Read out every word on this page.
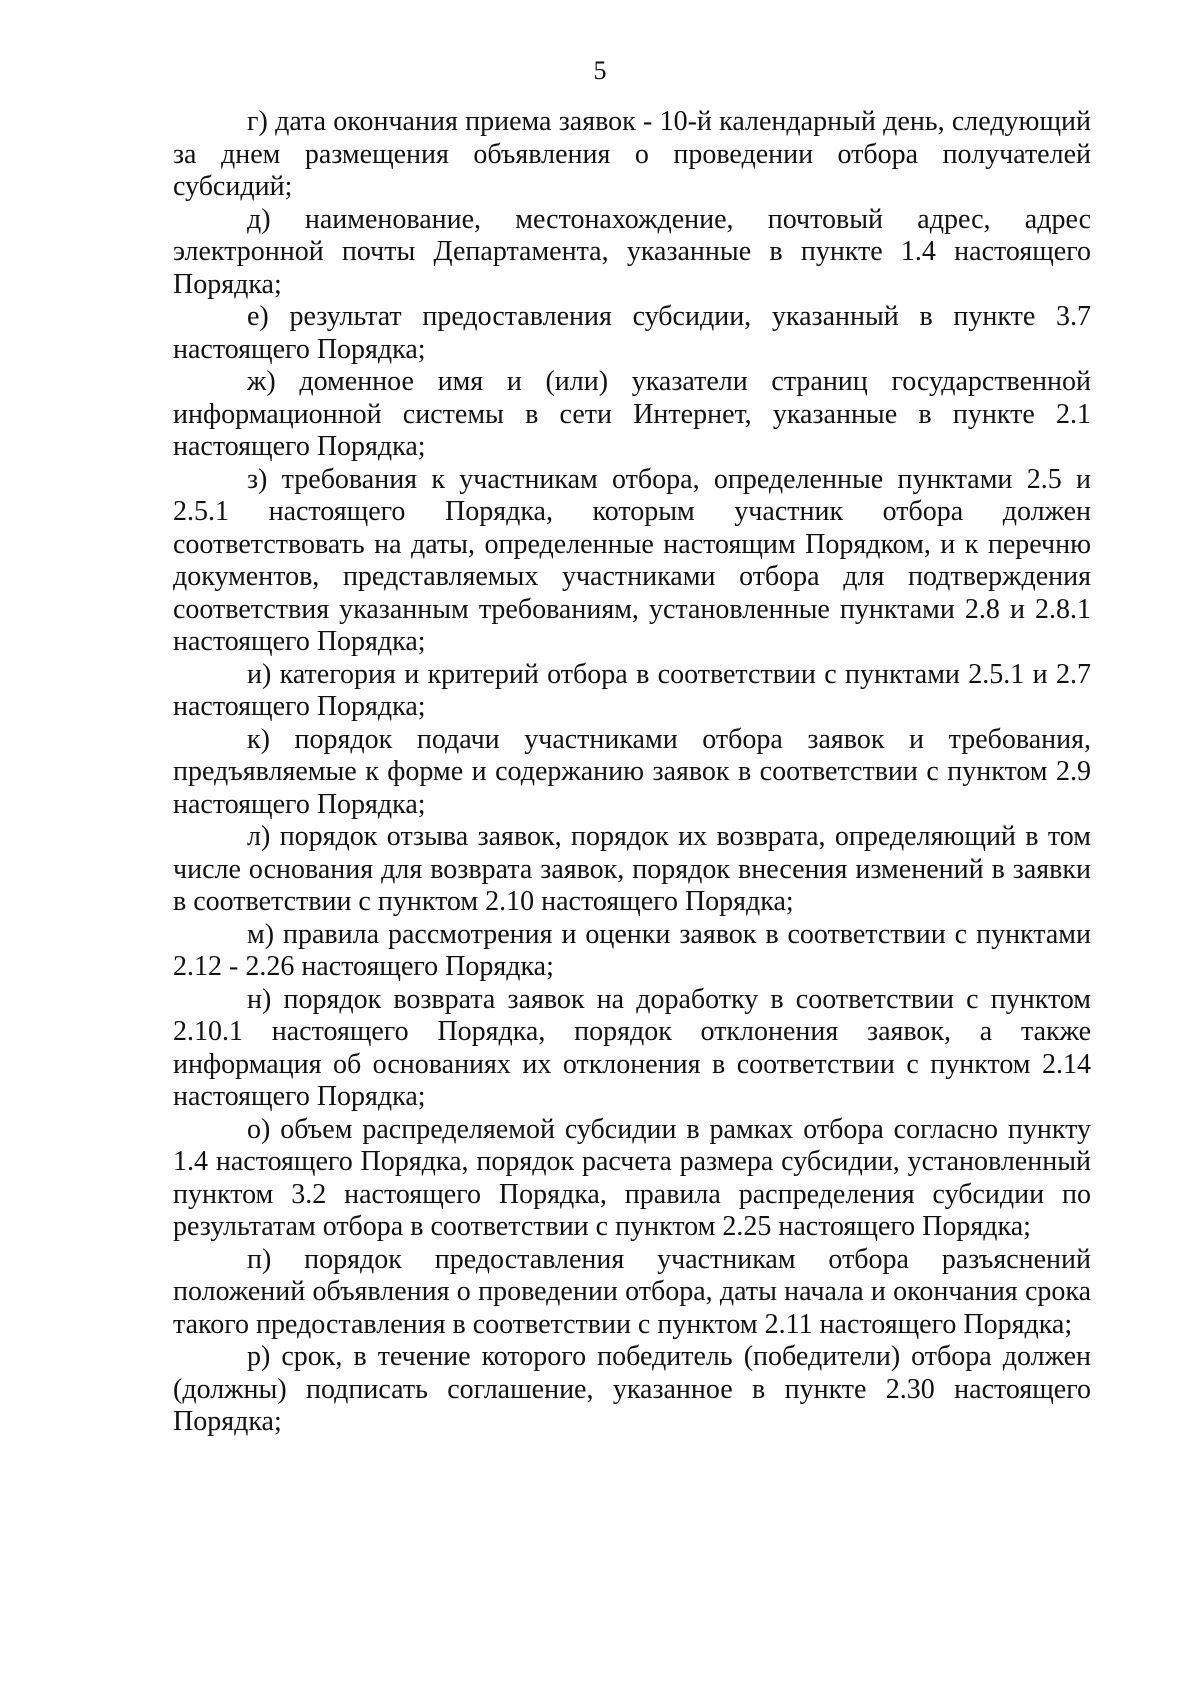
5

г) дата окончания приема заявок - 10-й календарный день, следующий за днем размещения объявления о проведении отбора получателей субсидий;

д) наименование, местонахождение, почтовый адрес, адрес электронной почты Департамента, указанные в пункте 1.4 настоящего Порядка;

е) результат предоставления субсидии, указанный в пункте 3.7 настоящего Порядка;

ж) доменное имя и (или) указатели страниц государственной информационной системы в сети Интернет, указанные в пункте 2.1 настоящего Порядка;

з) требования к участникам отбора, определенные пунктами 2.5 и 2.5.1 настоящего Порядка, которым участник отбора должен соответствовать на даты, определенные настоящим Порядком, и к перечню документов, представляемых участниками отбора для подтверждения соответствия указанным требованиям, установленные пунктами 2.8 и 2.8.1 настоящего Порядка;

и) категория и критерий отбора в соответствии с пунктами 2.5.1 и 2.7 настоящего Порядка;

к) порядок подачи участниками отбора заявок и требования, предъявляемые к форме и содержанию заявок в соответствии с пунктом 2.9 настоящего Порядка;

л) порядок отзыва заявок, порядок их возврата, определяющий в том числе основания для возврата заявок, порядок внесения изменений в заявки в соответствии с пунктом 2.10 настоящего Порядка;

м) правила рассмотрения и оценки заявок в соответствии с пунктами 2.12 - 2.26 настоящего Порядка;

н) порядок возврата заявок на доработку в соответствии с пунктом 2.10.1 настоящего Порядка, порядок отклонения заявок, а также информация об основаниях их отклонения в соответствии с пунктом 2.14 настоящего Порядка;

о) объем распределяемой субсидии в рамках отбора согласно пункту 1.4 настоящего Порядка, порядок расчета размера субсидии, установленный пунктом 3.2 настоящего Порядка, правила распределения субсидии по результатам отбора в соответствии с пунктом 2.25 настоящего Порядка;

п) порядок предоставления участникам отбора разъяснений положений объявления о проведении отбора, даты начала и окончания срока такого предоставления в соответствии с пунктом 2.11 настоящего Порядка;

р) срок, в течение которого победитель (победители) отбора должен (должны) подписать соглашение, указанное в пункте 2.30 настоящего Порядка;
